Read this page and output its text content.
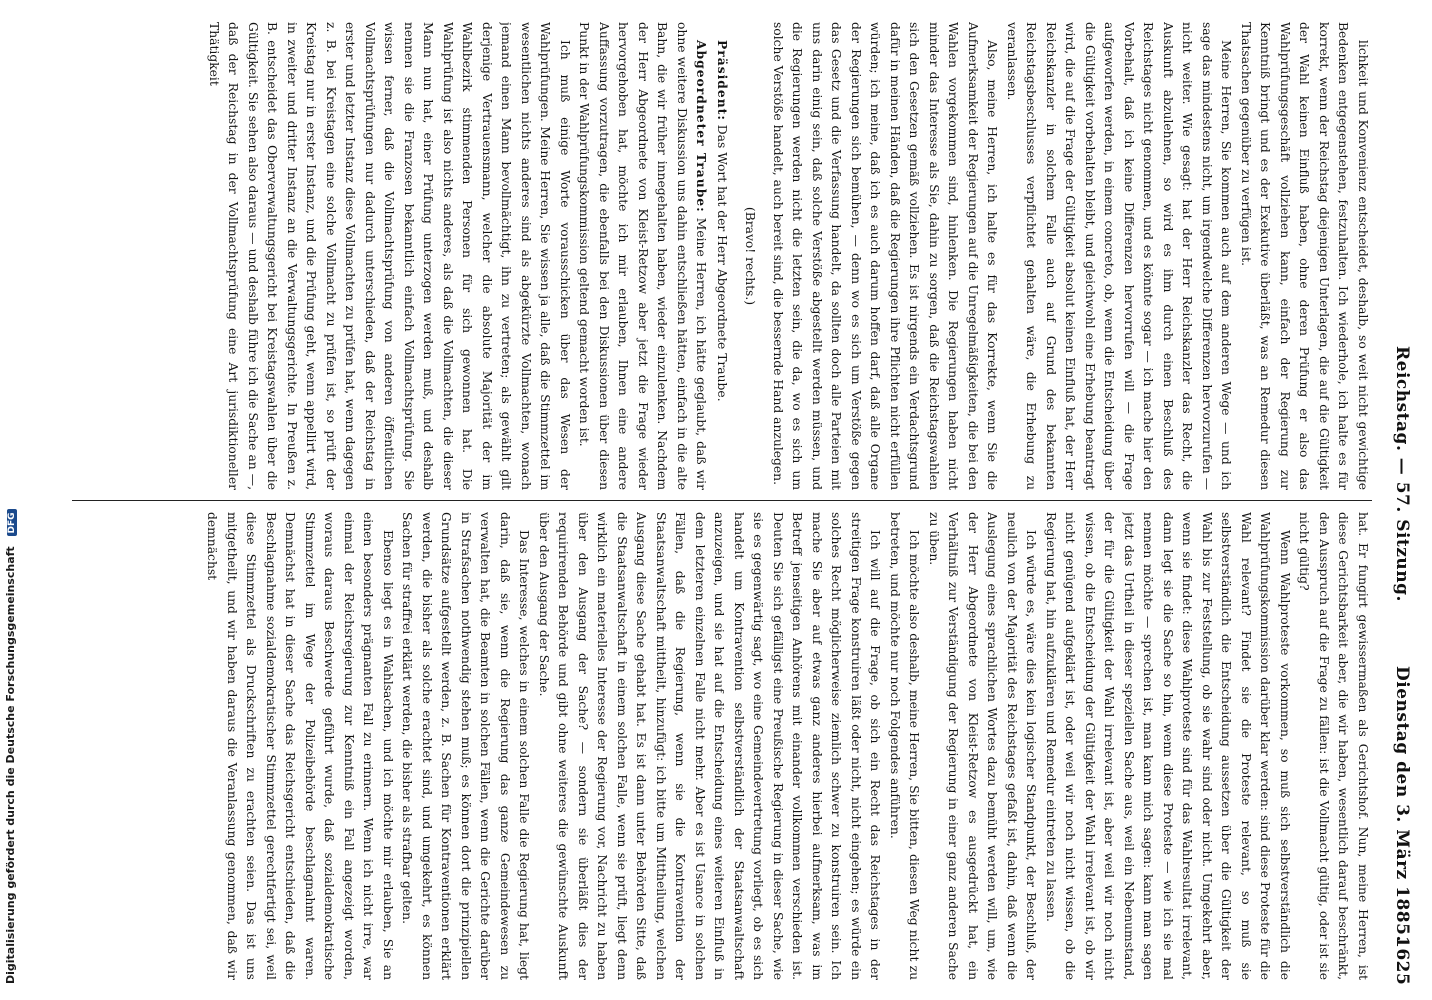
Reichstag. — 57. Sitzung.
Dienstag den 3. März 1885.
1625

lichkeit und Konvenienz entscheidet, deshalb, so weit nicht gewichtige Bedenken entgegenstehen, festzuhalten. Ich wiederhole, ich halte es für korrekt, wenn der Reichstag diejenigen Unterlagen, die auf die Gültigkeit der Wahl keinen Einfluß haben, ohne deren Prüfung er also das Wahlprüfungsgeschäft vollziehen kann, einfach der Regierung zur Kenntniß bringt und es der Exekutive überläßt, was an Remedur diesen Thatsachen gegenüber zu verfügen ist.

Meine Herren, Sie kommen auch auf dem anderen Wege — und ich sage das mindestens nicht, um irgendwelche Differenzen hervorzurufen — nicht weiter. Wie gesagt: hat der Herr Reichskanzler das Recht, die Auskunft abzulehnen, so wird es ihm durch einen Beschluß des Reichstages nicht genommen, und es könnte sogar — ich mache hier den Vorbehalt, daß ich keine Differenzen hervorrufen will — die Frage aufgeworfen werden, in einem concreto, ob, wenn die Entscheidung über die Gültigkeit vorbehalten bleibt, und gleichwohl eine Erhebung beantragt wird, die auf die Frage der Gültigkeit absolut keinen Einfluß hat, der Herr Reichskanzler in solchem Falle auch auf Grund des bekannten Reichstagsbeschlusses verpflichtet gehalten wäre, die Erhebung zu veranlassen.

Also, meine Herren, ich halte es für das Korrekte, wenn Sie die Aufmerksamkeit der Regierungen auf die Unregelmäßigkeiten, die bei den Wahlen vorgekommen sind, hinlenken. Die Regierungen haben nicht minder das Interesse als Sie, dahin zu sorgen, daß die Reichstagswahlen sich den Gesetzen gemäß vollziehen. Es ist nirgends ein Verdachtsgrund dafür in meinen Händen, daß die Regierungen ihre Pflichten nicht erfüllen würden; ich meine, daß ich es auch darum hoffen darf, daß alle Organe der Regierungen sich bemühen, — denn wo es sich um Verstöße gegen das Gesetz und die Verfassung handelt, da sollten doch alle Parteien mit uns darin einig sein, daß solche Verstöße abgestellt werden müssen, und die Regierungen werden nicht die letzten sein, die da, wo es sich um solche Verstöße handelt, auch bereit sind, die bessernde Hand anzulegen.

(Bravo! rechts.)

Präsident: Das Wort hat der Herr Abgeordnete Traube.

Abgeordneter Traube: Meine Herren, ich hätte geglaubt, daß wir ohne weitere Diskussion uns dahin entschließen hätten, einfach in die alte Bahn, die wir früher innegehalten haben, wieder einzulenken. Nachdem der Herr Abgeordnete von Kleist-Retzow aber jetzt die Frage wieder hervorgehoben hat, möchte ich mir erlauben, Ihnen eine andere Auffassung vorzutragen, die ebenfalls bei den Diskussionen über diesen Punkt in der Wahlprüfungskommission geltend gemacht worden ist.

Ich muß einige Worte vorausschicken über das Wesen der Wahlprüfungen. Meine Herren, Sie wissen ja alle, daß die Stimmzettel im wesentlichen nichts anderes sind als abgekürzte Vollmachten, wonach jemand einen Mann bevollmächtigt, ihn zu vertreten; als gewählt gilt derjenige Vertrauensmann, welcher die absolute Majorität der im Wahlbezirk stimmenden Personen für sich gewonnen hat. Die Wahlprüfung ist also nichts anderes, als daß die Vollmachten, die dieser Mann nun hat, einer Prüfung unterzogen werden muß, und deshalb nennen sie die Franzosen bekanntlich einfach Vollmachtsprüfung. Sie wissen ferner, daß die Vollmachtsprüfung von anderen öffentlichen Vollmachtsprüfungen nur dadurch unterschieden, daß der Reichstag in erster und letzter Instanz diese Vollmachten zu prüfen hat, wenn dagegen z. B. bei Kreistagen eine solche Vollmacht zu prüfen ist, so prüft der Kreistag nur in erster Instanz, und die Prüfung geht, wenn appellirt wird, in zweiter und dritter Instanz an die Verwaltungsgerichte. In Preußen z. B. entscheidet das Oberverwaltungsgericht bei Kreistagswahlen über die Gültigkeit. Sie sehen also daraus — und deshalb führe ich die Sache an —, daß der Reichstag in der Vollmachtsprüfung eine Art jurisdiktioneller Thätigkeit

hat. Er fungirt gewissermaßen als Gerichtshof. Nun, meine Herren, ist diese Gerichtsbarkeit aber, die wir haben, wesentlich darauf beschränkt, den Ausspruch auf die Frage zu fällen: ist die Vollmacht gültig, oder ist sie nicht gültig?

Wenn Wahlproteste vorkommen, so muß sich selbstverständlich die Wahlprüfungskommission darüber klar werden: sind diese Proteste für die Wahl relevant? Findet sie die Proteste relevant, so muß sie selbstverständlich die Entscheidung aussetzen über die Gültigkeit der Wahl bis zur Feststellung, ob sie wahr sind oder nicht. Umgekehrt aber, wenn sie findet: diese Wahlproteste sind für das Wahlresultat irrelevant, dann legt sie die Sache so hin, wenn diese Proteste — wie ich sie mal nennen möchte — sprechen ist, man kann mich sagen: kann man sagen jetzt das Urtheil in dieser speziellen Sache aus, weil ein Nebenumstand, der für die Gültigkeit der Wahl irrelevant ist, aber weil wir noch nicht wissen, ob die Entscheidung der Gültigkeit der Wahl irrelevant ist, ob wir nicht genügend aufgeklärt ist, oder weil wir noch nicht wissen, ob die Regierung hat, hin aufzuklären und Remedur eintreten zu lassen.

Ich würde es, wäre dies kein logischer Standpunkt, der Beschluß, der neulich von der Majorität des Reichstages gefaßt ist, dahin, daß wenn die Auslegung eines sprachlichen Wortes dazu bemüht werden will, um, wie der Herr Abgeordnete von Kleist-Retzow es ausgedrückt hat, ein Verhältniß zur Verständigung der Regierung in einer ganz anderen Sache zu üben.

Ich möchte also deshalb, meine Herren, Sie bitten, diesen Weg nicht zu betreten, und möchte nur noch Folgendes anführen.

Ich will auf die Frage, ob sich ein Recht das Reichstages in der streitigen Frage konstruiren läßt oder nicht, nicht eingehen; es würde ein solches Recht möglicherweise ziemlich schwer zu konstruiren sein. Ich mache Sie aber auf etwas ganz anderes hierbei aufmerksam, was im Betreff jenseitigen Anhörens mit einander vollkommen verschieden ist. Deuten Sie sich gefälligst eine Preußische Regierung in dieser Sache, wie sie es gegenwärtig sagt, wo eine Gemeindevertretung vorliegt, ob es sich handelt um Kontravention selbstverständlich der Staatsanwaltschaft anzuzeigen, und sie hat auf die Entscheidung eines weiteren Einfluß in dem letzteren einzelnen Falle nicht mehr. Aber es ist Usance in solchen Fällen, daß die Regierung, wenn sie die Kontravention der Staatsanwaltschaft mittheilt, hinzufügt: ich bitte um Mittheilung, welchen Ausgang diese Sache gehabt hat. Es ist dann unter Behörden Sitte, daß die Staatsanwaltschaft in einem solchen Falle, wenn sie prüft, liegt denn wirklich ein materielles Interesse der Regierung vor, Nachricht zu haben über den Ausgang der Sache? — sondern sie überläßt dies der requirirenden Behörde und gibt ohne weiteres die gewünschte Auskunft über den Ausgang der Sache.

Das Interesse, welches in einem solchen Falle die Regierung hat, liegt darin, daß sie, wenn die Regierung das ganze Gemeindewesen zu verwalten hat, die Beamten in solchen Fällen, wenn die Gerichte darüber in Strafsachen nothwendig stehen muß; es können dort die prinzipiellen Grundsätze aufgestellt werden, z. B. Sachen für Kontraventionen erklärt werden, die bisher als solche erachtet sind, und umgekehrt, es können Sachen für straffrei erklärt werden, die bisher als strafbar gelten.

Ebenso liegt es in Wahlsachen, und ich möchte mir erlauben, Sie an einen besonders prägnanten Fall zu erinnern. Wenn ich nicht irre, war einmal der Reichsregierung zur Kenntniß ein Fall angezeigt worden, woraus daraus Beschwerde geführt wurde, daß sozialdemokratische Stimmzettel im Wege der Polizeibehörde beschlagnahmt waren. Demnächst hat in dieser Sache das Reichsgericht entschieden, daß die Beschlagnahme sozialdemokratischer Stimmzettel gerechtfertigt sei, weil diese Stimmzettel als Druckschriften zu erachten seien. Das ist uns mitgetheilt, und wir haben daraus die Veranlassung genommen, daß wir demnächst

Digitalisierung gefördert durch die Deutsche Forschungsgemeinschaft DFG
